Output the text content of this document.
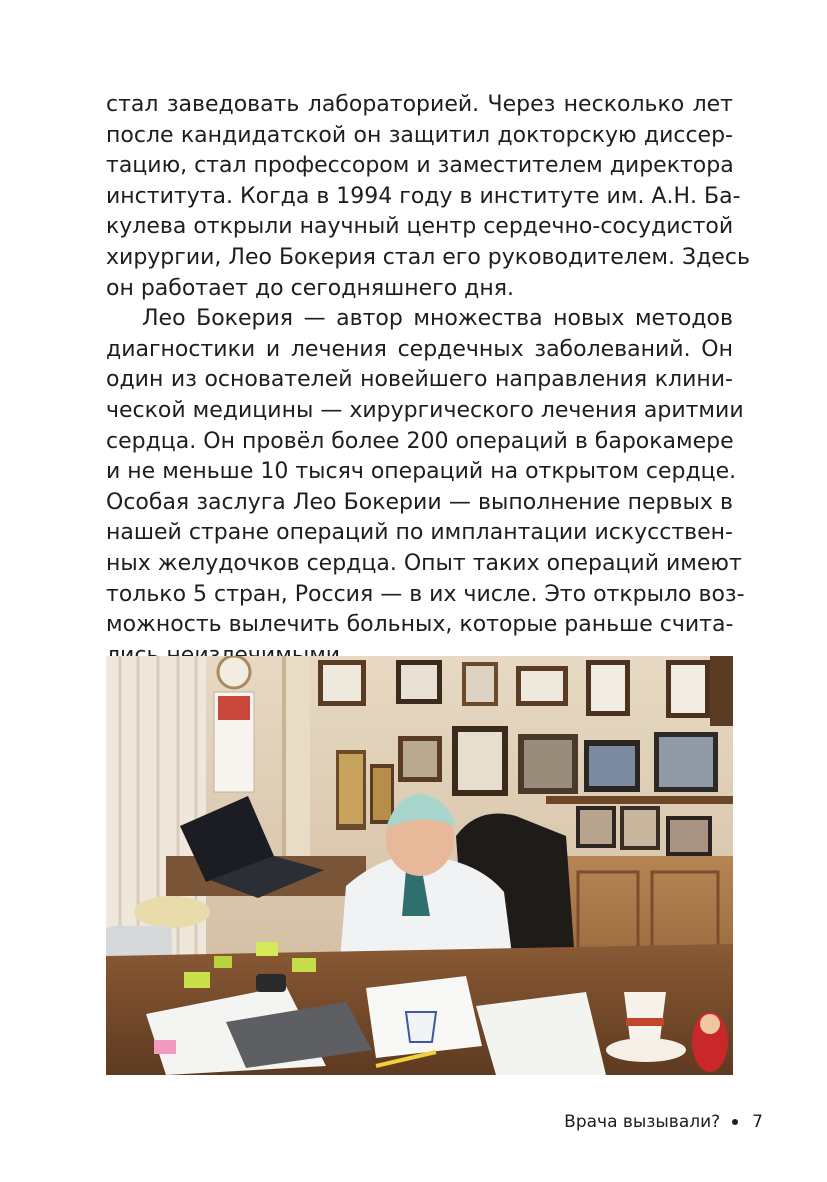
стал заведовать лабораторией. Через несколько лет
после кандидатской он защитил докторскую диссер-
тацию, стал профессором и заместителем директора
института. Когда в 1994 году в институте им. А.Н. Ба-
кулева открыли научный центр сердечно-сосудистой
хирургии, Лео Бокерия стал его руководителем. Здесь
он работает до сегодняшнего дня.
Лео Бокерия — автор множества новых методов
диагностики и лечения сердечных заболеваний. Он
один из основателей новейшего направления клини-
ческой медицины — хирургического лечения аритмии
сердца. Он провёл более 200 операций в барокамере
и не меньше 10 тысяч операций на открытом сердце.
Особая заслуга Лео Бокерии — выполнение первых в
нашей стране операций по имплантации искусствен-
ных желудочков сердца. Опыт таких операций имеют
только 5 стран, Россия — в их числе. Это открыло воз-
можность вылечить больных, которые раньше счита-
Врача вызывали? 7
